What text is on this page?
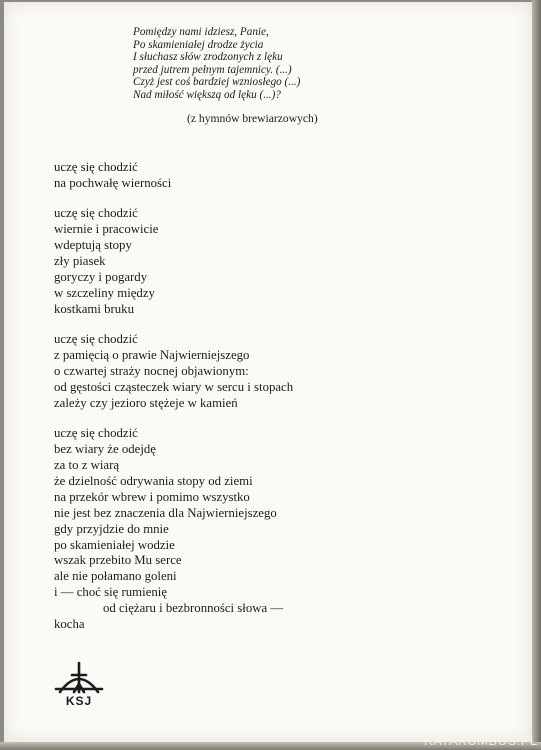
Pomiędzy nami idziesz, Panie,
Po skamieniałej drodze życia
I słuchasz słów zrodzonych z lęku
przed jutrem pełnym tajemnicy. (...)
Czyż jest coś bardziej wzniosłego (...)
Nad miłość większą od lęku (...)?
(z hymnów brewiarzowych)
uczę się chodzić
na pochwałę wierności
uczę się chodzić
wiernie i pracowicie
wdeptują stopy
zły piasek
goryczy i pogardy
w szczeliny między
kostkami bruku
uczę się chodzić
z pamięcią o prawie Najwierniejszego
o czwartej straży nocnej objawionym:
od gęstości cząsteczek wiary w sercu i stopach
zależy czy jezioro stężeje w kamień
uczę się chodzić
bez wiary że odejdę
za to z wiarą
że dzielność odrywania stopy od ziemi
na przekór wbrew i pomimo wszystko
nie jest bez znaczenia dla Najwierniejszego
gdy przyjdzie do mnie
po skamieniałej wodzie
wszak przebito Mu serce
ale nie połamano goleni
i — choć się rumienię
od ciężaru i bezbronności słowa —
kocha
KSJ
KATAKUMBUS.PL
